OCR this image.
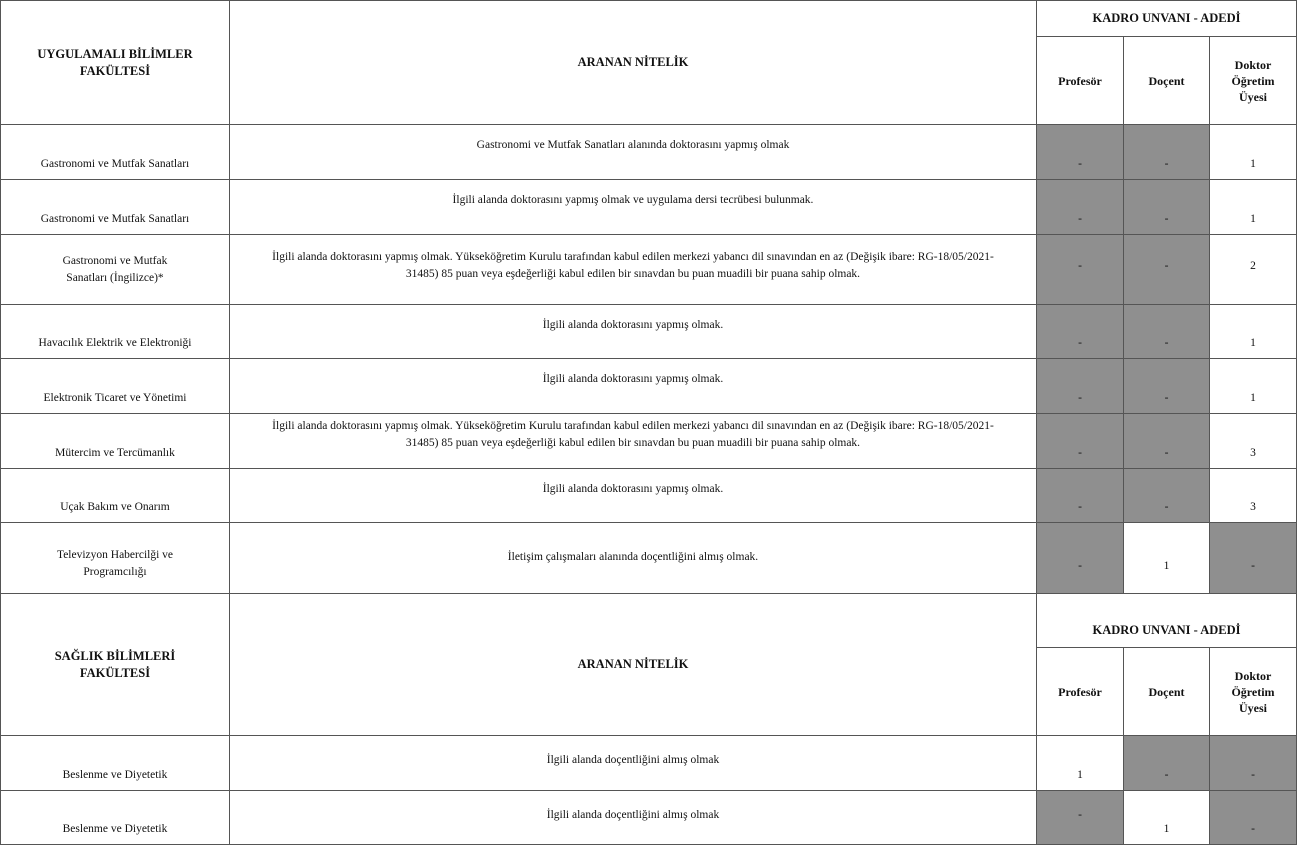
UYGULAMALI BİLİMLER FAKÜLTESİ	ARANAN NİTELİK	KADRO UNVANI - ADEDİ		
		Profesör	Doçent	Doktor Öğretim Üyesi
Gastronomi ve Mutfak Sanatları	Gastronomi ve Mutfak Sanatları alanında doktorasını yapmış olmak	-	-	1
Gastronomi ve Mutfak Sanatları	İlgili alanda doktorasını yapmış olmak ve uygulama dersi tecrübesi bulunmak.	-	-	1
Gastronomi ve Mutfak Sanatları (İngilizce)*	İlgili alanda doktorasını yapmış olmak. Yükseköğretim Kurulu tarafından kabul edilen merkezi yabancı dil sınavından en az (Değişik ibare: RG-18/05/2021-31485) 85 puan veya eşdeğerliği kabul edilen bir sınavdan bu puan muadili bir puana sahip olmak.	-	-	2
Havacılık Elektrik ve Elektroniği	İlgili alanda doktorasını yapmış olmak.	-	-	1
Elektronik Ticaret ve Yönetimi	İlgili alanda doktorasını yapmış olmak.	-	-	1
Mütercim ve Tercümanlık	İlgili alanda doktorasını yapmış olmak. Yükseköğretim Kurulu tarafından kabul edilen merkezi yabancı dil sınavından en az (Değişik ibare: RG-18/05/2021-31485) 85 puan veya eşdeğerliği kabul edilen bir sınavdan bu puan muadili bir puana sahip olmak.	-	-	3
Uçak Bakım ve Onarım	İlgili alanda doktorasını yapmış olmak.	-	-	3
Televizyon Habercilği ve Programcılığı	İletişim çalışmaları alanında doçentliğini almış olmak.	-	1	-
SAĞLIK BİLİMLERİ FAKÜLTESİ	ARANAN NİTELİK	KADRO UNVANI - ADEDİ		
		Profesör	Doçent	Doktor Öğretim Üyesi
Beslenme ve Diyetetik	İlgili alanda doçentliğini almış olmak	1	-	-
Beslenme ve Diyetetik	İlgili alanda doçentliğini almış olmak	-	1	-
